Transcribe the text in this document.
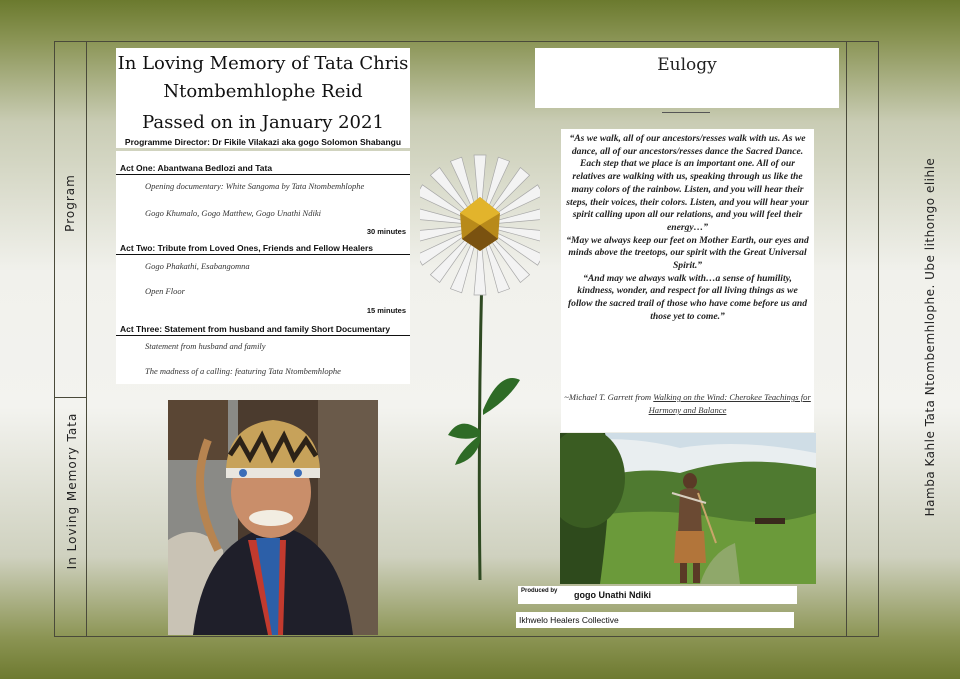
Program
In Loving Memory Tata	Hamba Kahle Tata Ntombemhlophe. Ube lithongo elihle
In Loving Memory of Tata Chris
Ntombemhlophe Reid
Passed on in January 2021
Programme Director: Dr Fikile Vilakazi aka gogo Solomon Shabangu
Act One: Abantwana Bedlozi and Tata
Opening documentary: White Sangoma by Tata Ntombemhlophe
Gogo Khumalo, Gogo Matthew, Gogo Unathi Ndiki
30 minutes
Act Two: Tribute from Loved Ones, Friends and Fellow Healers
Gogo Phakathi, Esabangomna
Open Floor
15 minutes
Act Three: Statement from husband and family Short Documentary
Statement from husband and family
The madness of a calling: featuring Tata Ntombemhlophe
Eulogy
“As we walk, all of our ancestors/resses walk with us. As we dance, all of our ancestors/resses dance the Sacred Dance. Each step that we place is an important one. All of our relatives are walking with us, speaking through us like the many colors of the rainbow. Listen, and you will hear their steps, their voices, their colors. Listen, and you will hear your spirit calling upon all our relations, and you will feel their energy…”
“May we always keep our feet on Mother Earth, our eyes and minds above the treetops, our spirit with the Great Universal Spirit.”
“And may we always walk with…a sense of humility, kindness, wonder, and respect for all living things as we follow the sacred trail of those who have come before us and those yet to come.”
~Michael T. Garrett from Walking on the Wind: Cherokee Teachings for Harmony and Balance
Produced by gogo Unathi Ndiki
Ikhwelo Healers Collective
